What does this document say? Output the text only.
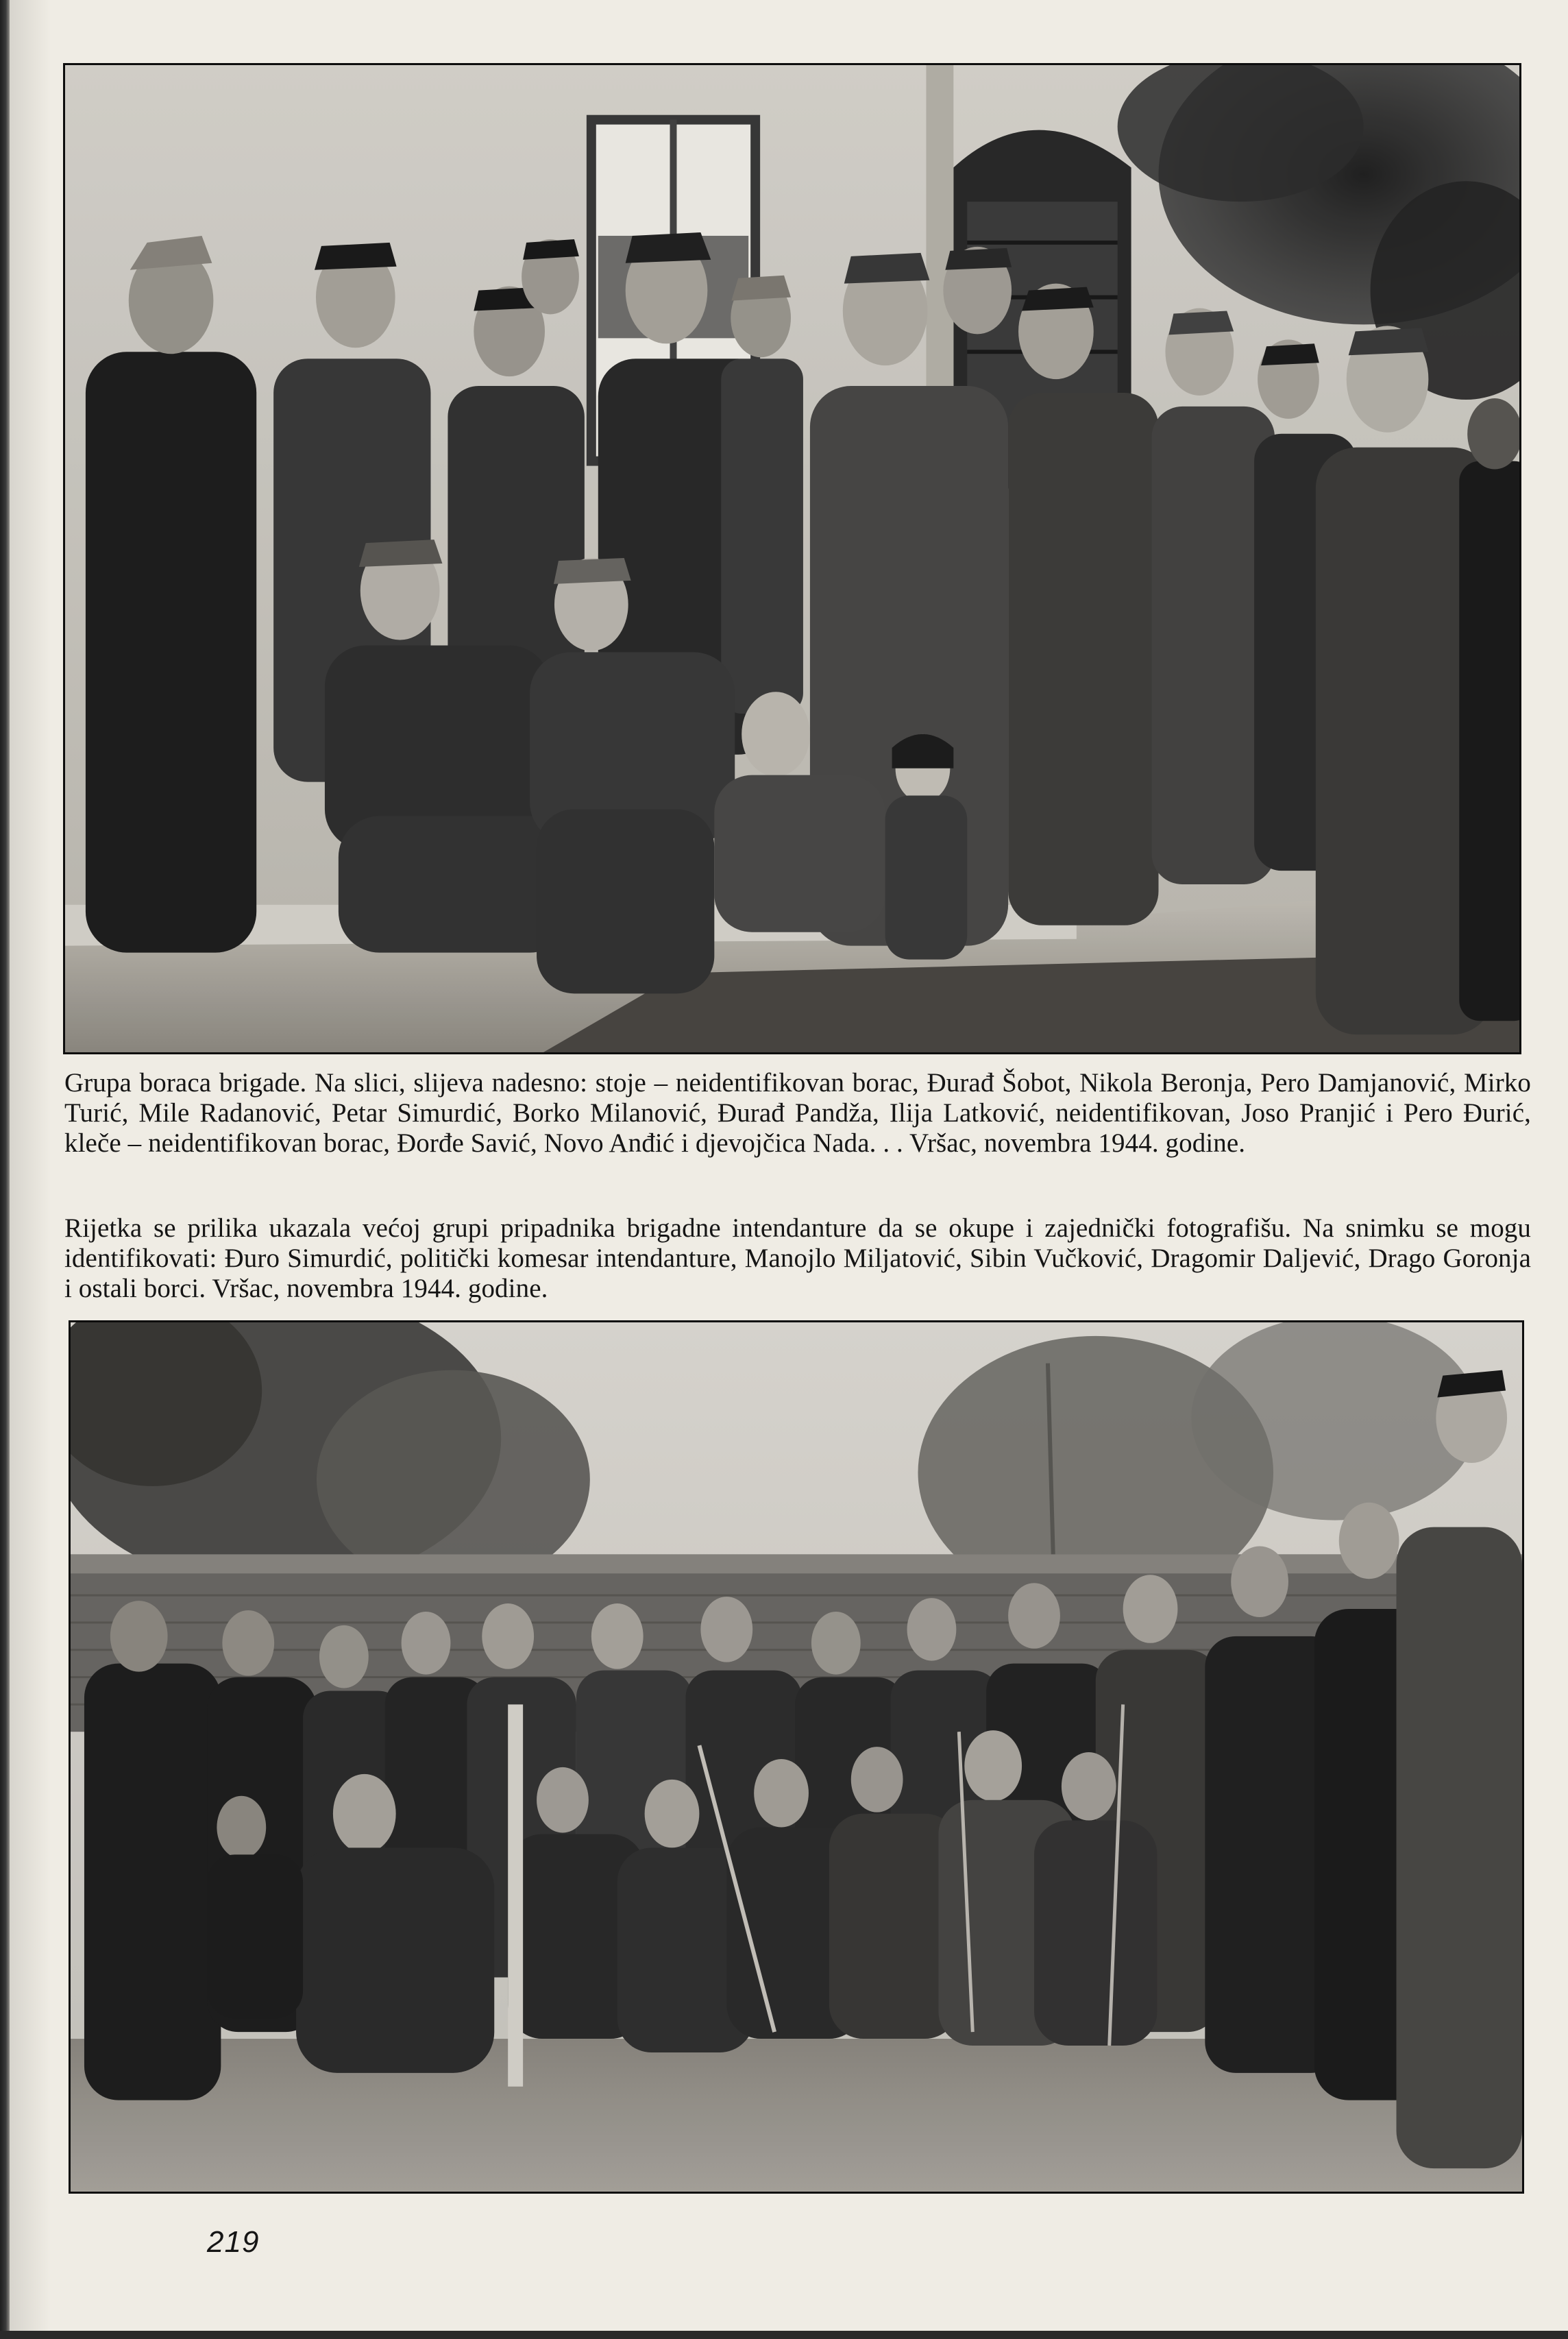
Grupa boraca brigade. Na slici, slijeva nadesno: stoje – neidentifikovan borac, Đurađ Šobot, Nikola Beronja, Pero Damjanović, Mirko Turić, Mile Radanović, Petar Simurdić, Borko Milanović, Đurađ Pandža, Ilija Latković, neidentifikovan, Joso Pranjić i Pero Đurić, kleče – neidentifikovan borac, Đorđe Savić, Novo Anđić i djevojčica Nada. . . Vršac, novembra 1944. godine.

Rijetka se prilika ukazala većoj grupi pripadnika brigadne intendanture da se okupe i zajednički fotografišu. Na snimku se mogu identifikovati: Đuro Simurdić, politički komesar intendanture, Manojlo Miljatović, Sibin Vučković, Dragomir Daljević, Drago Goronja i ostali borci. Vršac, novembra 1944. godine.

219
